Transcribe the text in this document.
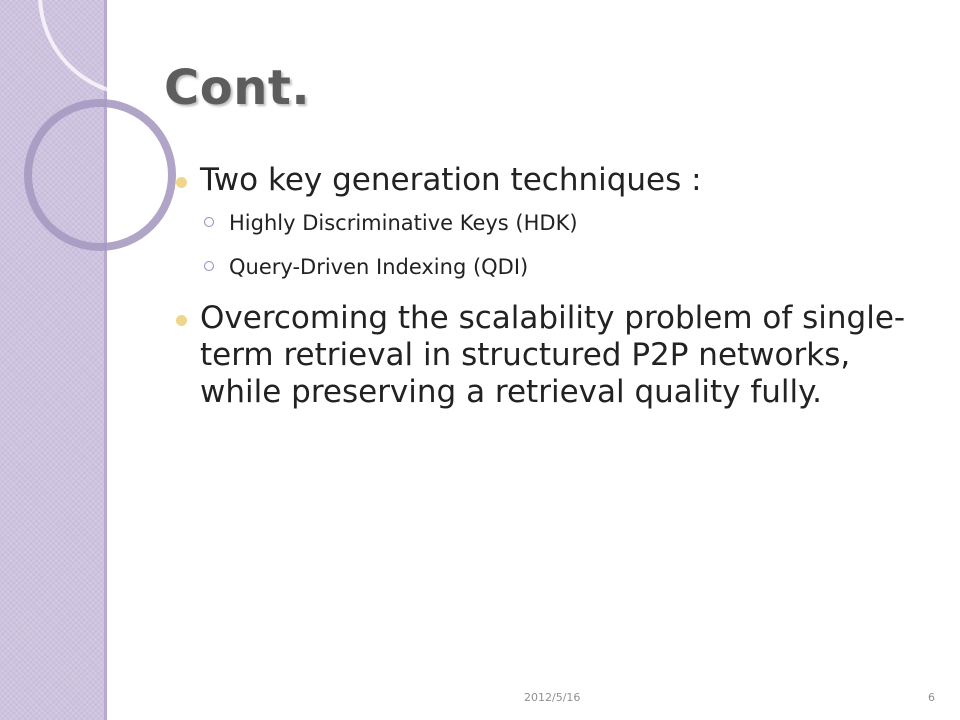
Cont.
Two key generation techniques :
Highly Discriminative Keys (HDK)
Query-Driven Indexing (QDI)
Overcoming the scalability problem of single-term retrieval in structured P2P networks, while preserving a retrieval quality fully.
2012/5/16	6
